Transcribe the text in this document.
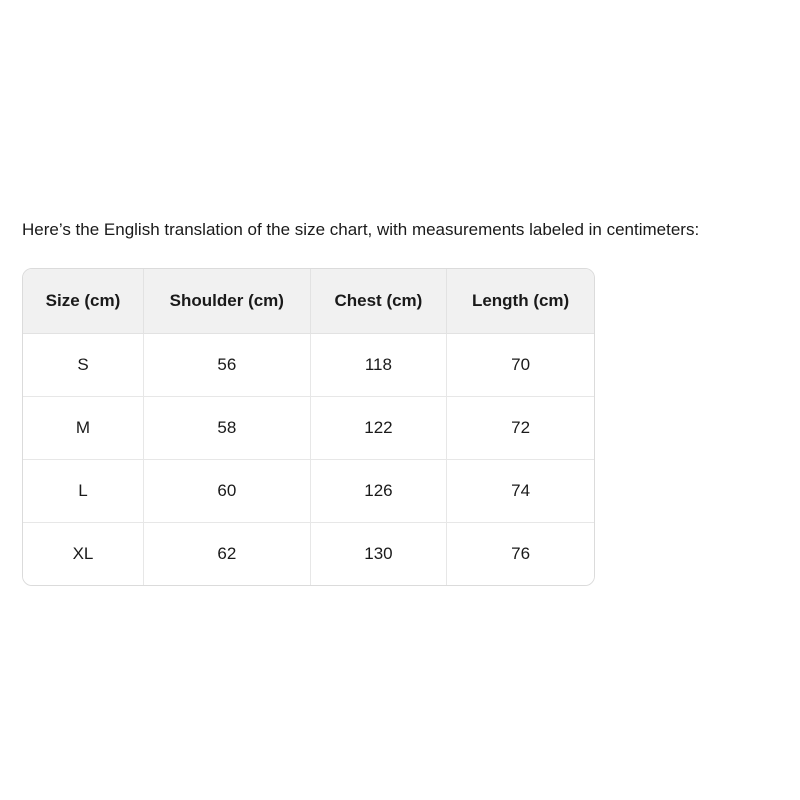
Here’s the English translation of the size chart, with measurements labeled in centimeters:

Size (cm)	Shoulder (cm)	Chest (cm)	Length (cm)
S	56	118	70
M	58	122	72
L	60	126	74
XL	62	130	76
